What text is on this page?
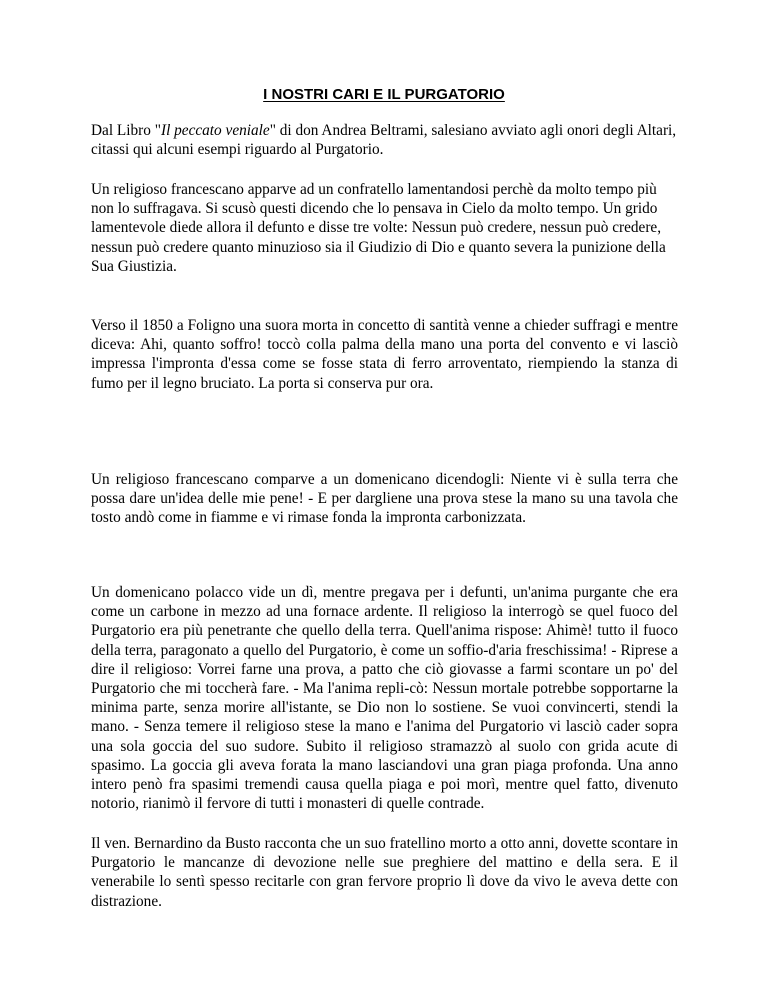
I NOSTRI CARI E IL PURGATORIO

Dal Libro "Il peccato veniale" di don Andrea Beltrami, salesiano avviato agli onori degli Altari, citassi qui alcuni esempi riguardo al Purgatorio.

Un religioso francescano apparve ad un confratello lamentandosi perchè da molto tempo più non lo suffragava. Si scusò questi dicendo che lo pensava in Cielo da molto tempo. Un grido lamentevole diede allora il defunto e disse tre volte: Nessun può credere, nessun può credere, nessun può credere quanto minuzioso sia il Giudizio di Dio e quanto severa la punizione della Sua Giustizia.

Verso il 1850 a Foligno una suora morta in concetto di santità venne a chieder suffragi e mentre diceva: Ahi, quanto soffro! toccò colla palma della mano una porta del convento e vi lasciò impressa l'impronta d'essa come se fosse stata di ferro arroventato, riempiendo la stanza di fumo per il legno bruciato. La porta si conserva pur ora.

Un religioso francescano comparve a un domenicano dicendogli: Niente vi è sulla terra che possa dare un'idea delle mie pene! - E per dargliene una prova stese la mano su una tavola che tosto andò come in fiamme e vi rimase fonda la impronta carbonizzata.

Un domenicano polacco vide un dì, mentre pregava per i defunti, un'anima purgante che era come un carbone in mezzo ad una fornace ardente. Il religioso la interrogò se quel fuoco del Purgatorio era più penetrante che quello della terra. Quell'anima rispose: Ahimè! tutto il fuoco della terra, paragonato a quello del Purgatorio, è come un soffio-d'aria freschissima! - Riprese a dire il religioso: Vorrei farne una prova, a patto che ciò giovasse a farmi scontare un po' del Purgatorio che mi toccherà fare. - Ma l'anima repli-cò: Nessun mortale potrebbe sopportarne la minima parte, senza morire all'istante, se Dio non lo sostiene. Se vuoi convincerti, stendi la mano. - Senza temere il religioso stese la mano e l'anima del Purgatorio vi lasciò cader sopra una sola goccia del suo sudore. Subito il religioso stramazzò al suolo con grida acute di spasimo. La goccia gli aveva forata la mano lasciandovi una gran piaga profonda. Una anno intero penò fra spasimi tremendi causa quella piaga e poi morì, mentre quel fatto, divenuto notorio, rianimò il fervore di tutti i monasteri di quelle contrade.

Il ven. Bernardino da Busto racconta che un suo fratellino morto a otto anni, dovette scontare in Purgatorio le mancanze di devozione nelle sue preghiere del mattino e della sera. E il venerabile lo sentì spesso recitarle con gran fervore proprio lì dove da vivo le aveva dette con distrazione.
